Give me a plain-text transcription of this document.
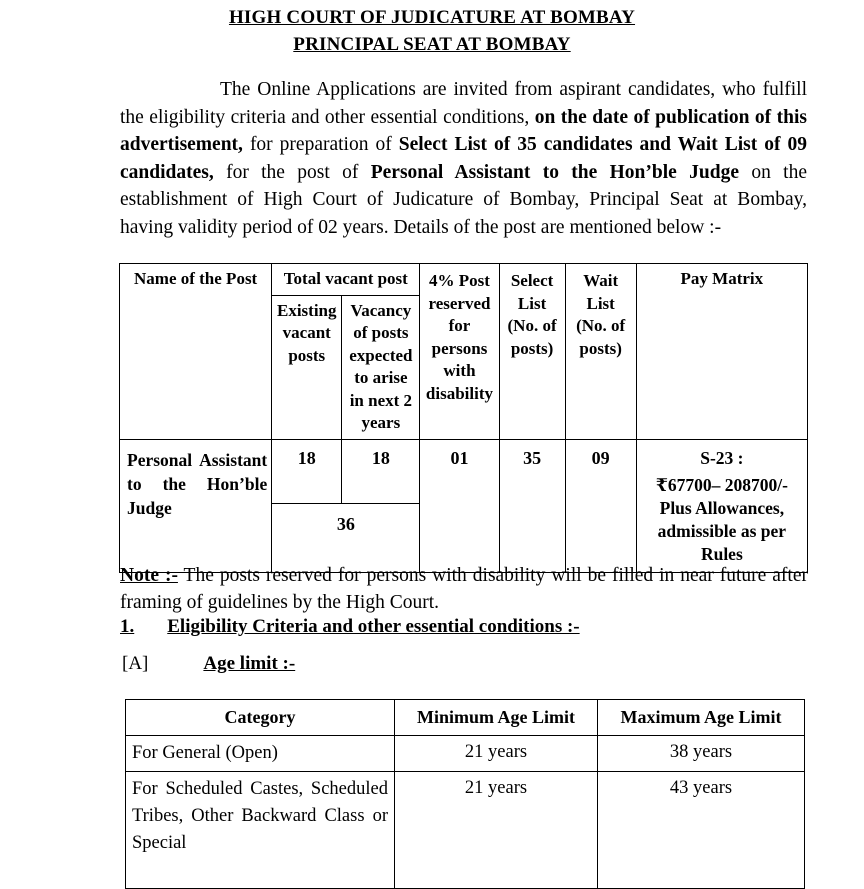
HIGH COURT OF JUDICATURE AT BOMBAY
PRINCIPAL SEAT AT BOMBAY

The Online Applications are invited from aspirant candidates, who fulfill the eligibility criteria and other essential conditions, on the date of publication of this advertisement, for preparation of Select List of 35 candidates and Wait List of 09 candidates, for the post of Personal Assistant to the Hon’ble Judge on the establishment of High Court of Judicature of Bombay, Principal Seat at Bombay, having validity period of 02 years. Details of the post are mentioned below :-

Name of the Post	Total vacant post		4% Post reserved for persons with disability	Select List (No. of posts)	Wait List (No. of posts)	Pay Matrix
	Existing vacant posts	Vacancy of posts expected to arise in next 2 years				
Personal Assistant to the Hon’ble Judge	18	18	01	35	09	S-23 :
₹67700– 208700/- Plus Allowances, admissible as per Rules

	36					
Note :- The posts reserved for persons with disability will be filled in near future after framing of guidelines by the High Court.
1. Eligibility Criteria and other essential conditions :-
[A]	Age limit :-
Category	Minimum Age Limit	Maximum Age Limit
For General (Open)	21 years	38 years
For Scheduled Castes, Scheduled Tribes, Other Backward Class or Special	21 years	43 years
